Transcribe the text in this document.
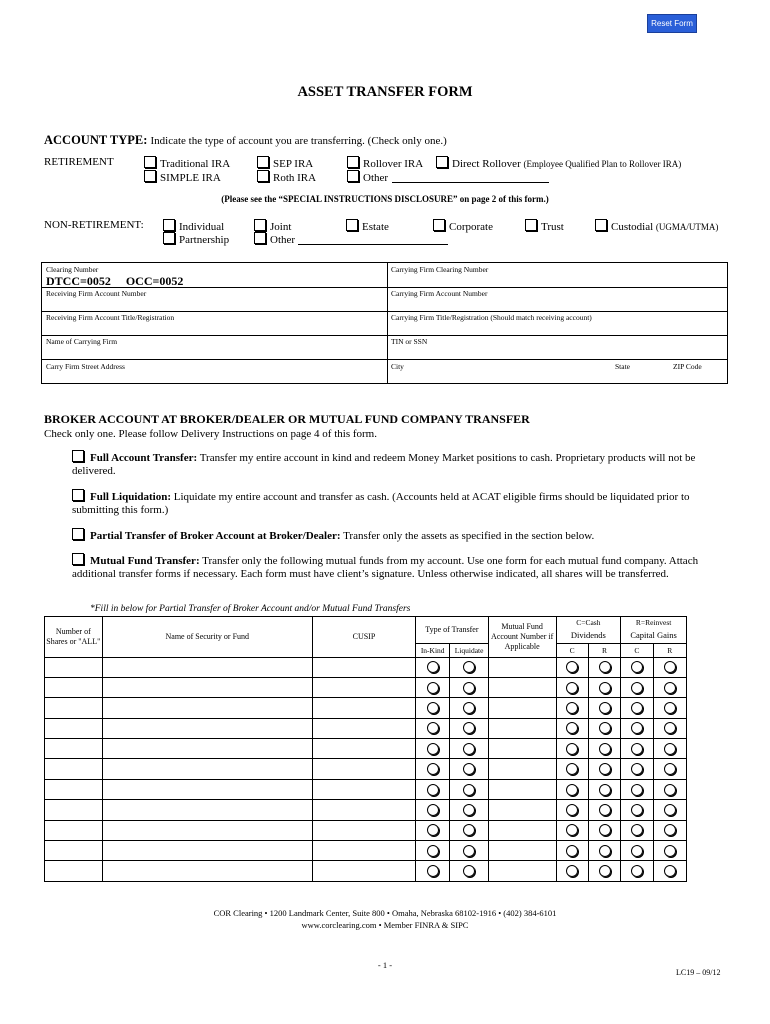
Reset Form
ASSET TRANSFER FORM
ACCOUNT TYPE: Indicate the type of account you are transferring. (Check only one.)
RETIREMENT	Traditional IRA
SIMPLE IRA
SEP IRA
Roth IRA
Rollover IRA
Other
Direct Rollover (Employee Qualified Plan to Rollover IRA)
(Please see the “SPECIAL INSTRUCTIONS DISCLOSURE” on page 2 of this form.)
NON-RETIREMENT:	Individual
Partnership
Joint
Other
Estate	Corporate	Trust	Custodial (UGMA/UTMA)
Clearing Number
DTCC=0052     OCC=0052
Carrying Firm Clearing Number
Receiving Firm Account Number	Carrying Firm Account Number
Receiving Firm Account Title/Registration	Carrying Firm Title/Registration (Should match receiving account)
Name of Carrying Firm	TIN or SSN
Carry Firm Street Address	City	State	ZIP Code
BROKER ACCOUNT AT BROKER/DEALER OR MUTUAL FUND COMPANY TRANSFER
Check only one. Please follow Delivery Instructions on page 4 of this form.
Full Account Transfer: Transfer my entire account in kind and redeem Money Market positions to cash. Proprietary products will not be delivered.
Full Liquidation: Liquidate my entire account and transfer as cash. (Accounts held at ACAT eligible firms should be liquidated prior to submitting this form.)
Partial Transfer of Broker Account at Broker/Dealer: Transfer only the assets as specified in the section below.
Mutual Fund Transfer: Transfer only the following mutual funds from my account. Use one form for each mutual fund company. Attach additional transfer forms if necessary. Each form must have client’s signature. Unless otherwise indicated, all shares will be transferred.
*Fill in below for Partial Transfer of Broker Account and/or Mutual Fund Transfers
Number of Shares or "ALL"	Name of Security or Fund	CUSIP	Type of Transfer		Mutual Fund Account Number if Applicable	C=Cash		R=Reinvest	
						Dividends		Capital Gains	
			In-Kind	Liquidate		C	R	C	R

COR Clearing • 1200 Landmark Center, Suite 800 • Omaha, Nebraska 68102-1916 • (402) 384-6101
www.corclearing.com • Member FINRA & SIPC
- 1 -
LC19 – 09/12
